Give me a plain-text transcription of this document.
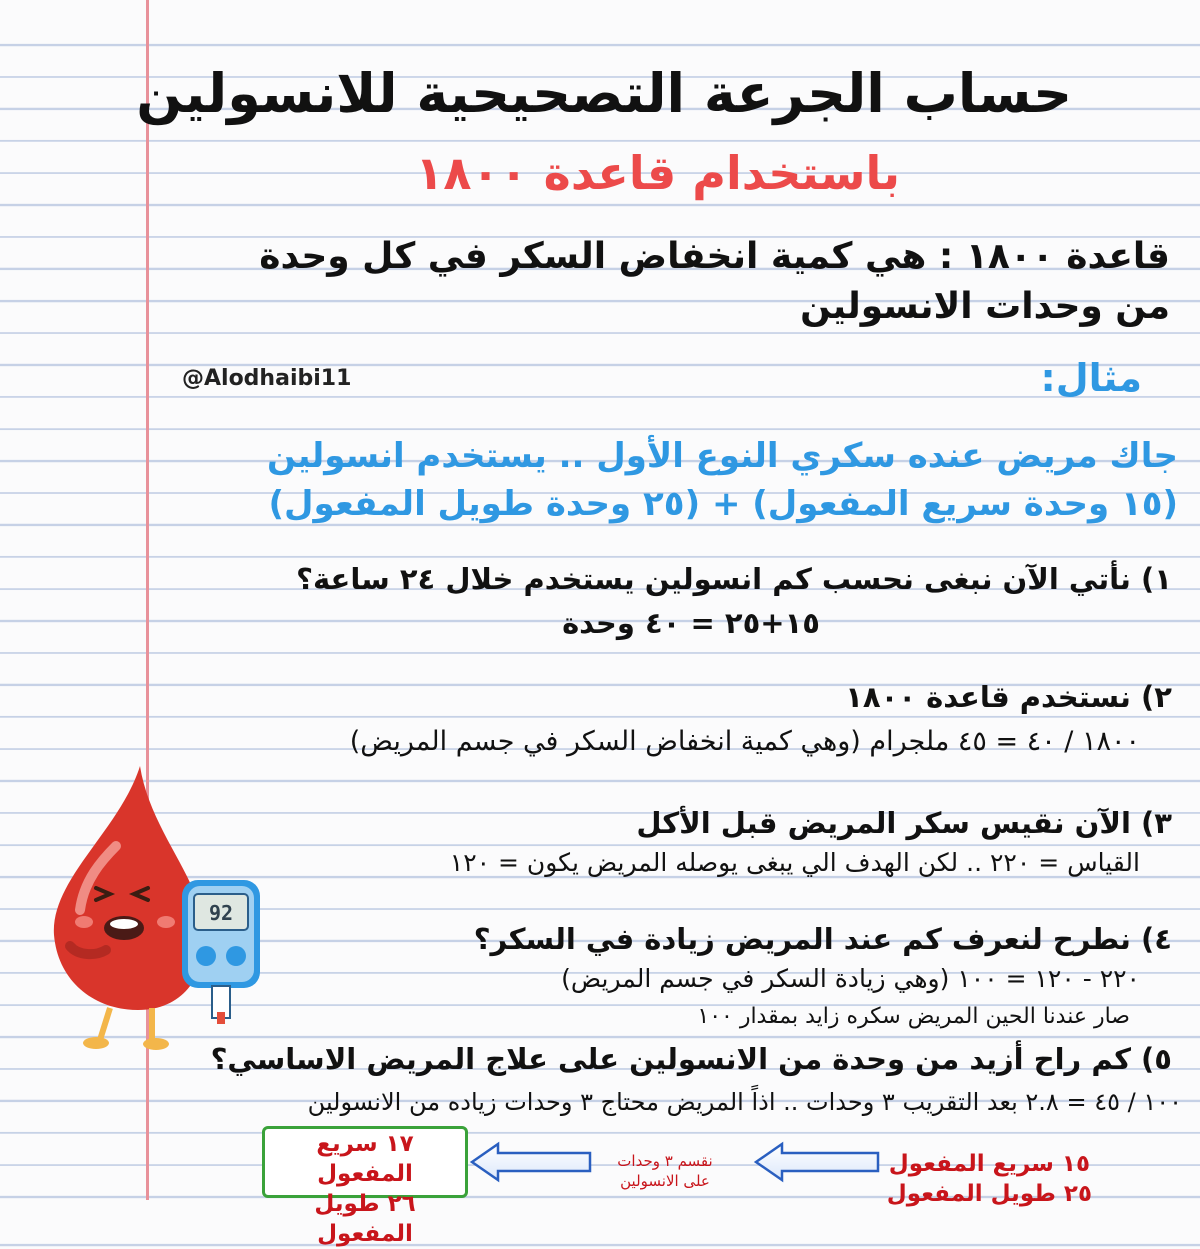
حساب الجرعة التصحيحية للانسولين
باستخدام قاعدة ١٨٠٠

قاعدة ١٨٠٠ : هي كمية انخفاض السكر في كل وحدة

من وحدات الانسولين

@Alodhaibi11	مثال:

جاك مريض عنده سكري النوع الأول .. يستخدم انسولين

(١٥ وحدة سريع المفعول) + (٢٥ وحدة طويل المفعول)

١) نأتي الآن نبغى نحسب كم انسولين يستخدم خلال ٢٤ ساعة؟

١٥+٢٥ = ٤٠ وحدة

٢) نستخدم قاعدة ١٨٠٠

١٨٠٠ / ٤٠ = ٤٥ ملجرام (وهي كمية انخفاض السكر في جسم المريض)

٣) الآن نقيس سكر المريض قبل الأكل

القياس = ٢٢٠ .. لكن الهدف الي يبغى يوصله المريض يكون = ١٢٠

٤) نطرح لنعرف كم عند المريض زيادة في السكر؟

٢٢٠ - ١٢٠ = ١٠٠ (وهي زيادة السكر في جسم المريض)

صار عندنا الحين المريض سكره زايد بمقدار ١٠٠

٥) كم راح أزيد من وحدة من الانسولين على علاج المريض الاساسي؟

١٠٠ / ٤٥ = ٢.٨ بعد التقريب ٣ وحدات .. اذاً المريض محتاج ٣ وحدات زياده من الانسولين

92

١٥ سريع المفعول
٢٥ طويل المفعول

نقسم ٣ وحدات
على الانسولين

١٧ سريع المفعول
٢٦ طويل المفعول
